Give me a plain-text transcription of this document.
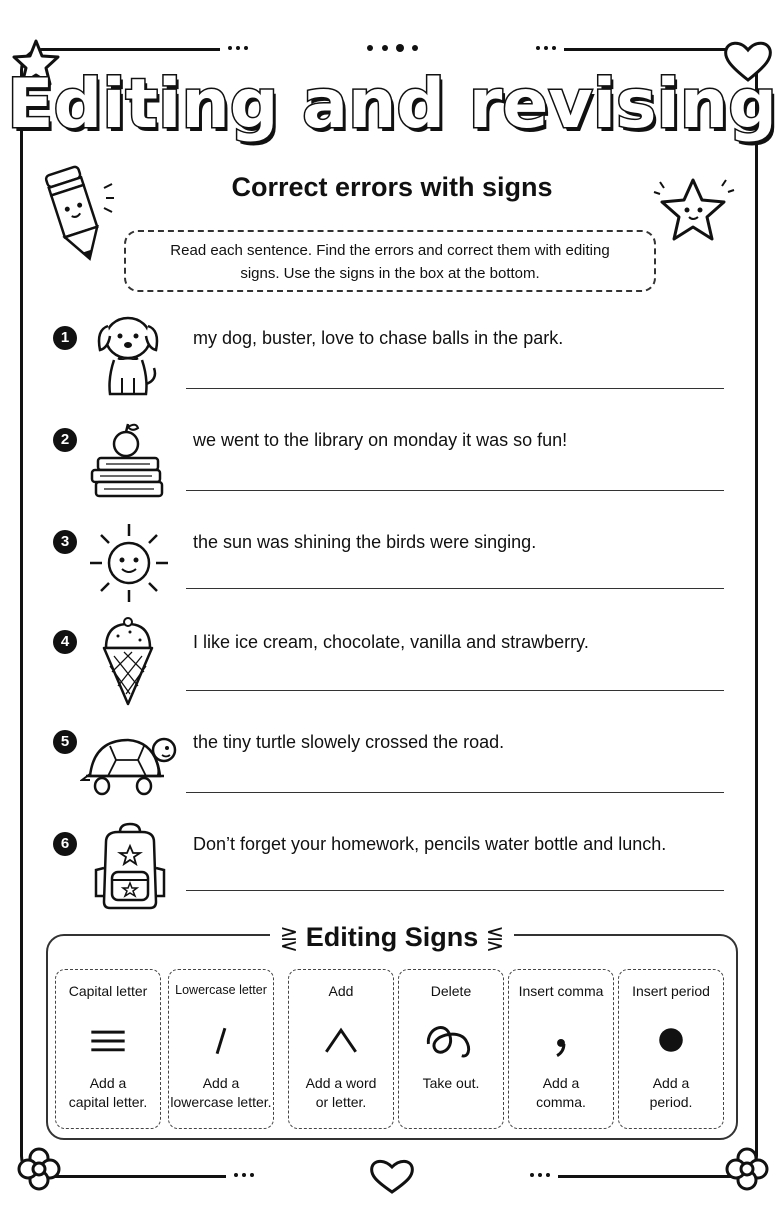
Editing and revising
Correct errors with signs
Read each sentence. Find the errors and correct them with editing
signs. Use the signs in the box at the bottom.
1	my dog, buster, love to chase balls in the park.
2	we went to the library on monday it was so fun!
3	the sun was shining the birds were singing.
4	I like ice cream, chocolate, vanilla and strawberry.
5	the tiny turtle slowely crossed the road.
6	Don’t forget your homework, pencils water bottle and lunch.
⋛ Editing Signs ⋚
Capital letter
Add a
capital letter.
Lowercase letter
Add a
lowercase letter.
Add
Add a word
or letter.
Delete
Take out.
Insert comma
Add a
comma.
Insert period
Add a
period.
